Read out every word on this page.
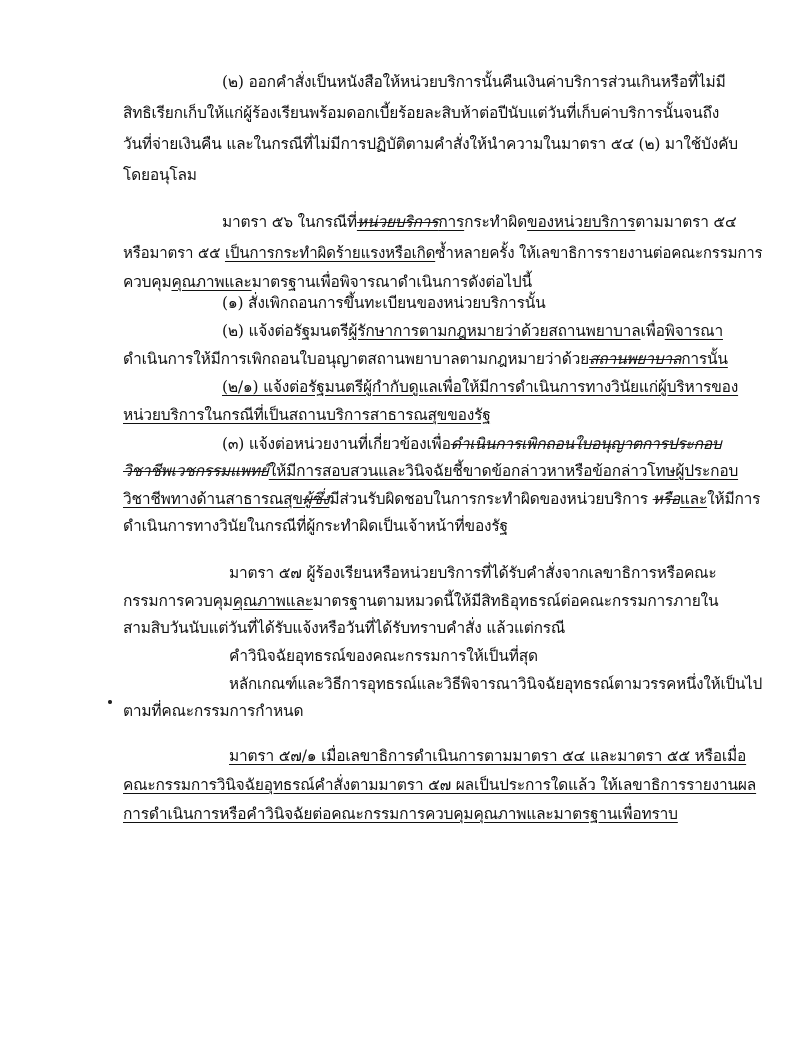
(๒) ออกคำสั่งเป็นหนังสือให้หน่วยบริการนั้นคืนเงินค่าบริการส่วนเกินหรือที่ไม่มี
สิทธิเรียกเก็บให้แก่ผู้ร้องเรียนพร้อมดอกเบี้ยร้อยละสิบห้าต่อปีนับแต่วันที่เก็บค่าบริการนั้นจนถึง
วันที่จ่ายเงินคืน และในกรณีที่ไม่มีการปฏิบัติตามคำสั่งให้นำความในมาตรา ๕๔ (๒) มาใช้บังคับ
โดยอนุโลม
มาตรา ๕๖ ในกรณีที่หน่วยบริการการกระทำผิดของหน่วยบริการตามมาตรา ๕๔
หรือมาตรา ๕๕ เป็นการกระทำผิดร้ายแรงหรือเกิดซ้ำหลายครั้ง ให้เลขาธิการรายงานต่อคณะกรรมการ
ควบคุมคุณภาพและมาตรฐานเพื่อพิจารณาดำเนินการดังต่อไปนี้
(๑) สั่งเพิกถอนการขึ้นทะเบียนของหน่วยบริการนั้น
(๒) แจ้งต่อรัฐมนตรีผู้รักษาการตามกฎหมายว่าด้วยสถานพยาบาลเพื่อพิจารณา
ดำเนินการให้มีการเพิกถอนใบอนุญาตสถานพยาบาลตามกฎหมายว่าด้วยสถานพยาบาลการนั้น
(๒/๑) แจ้งต่อรัฐมนตรีผู้กำกับดูแลเพื่อให้มีการดำเนินการทางวินัยแก่ผู้บริหารของ
หน่วยบริการในกรณีที่เป็นสถานบริการสาธารณสุขของรัฐ
(๓) แจ้งต่อหน่วยงานที่เกี่ยวข้องเพื่อดำเนินการเพิกถอนใบอนุญาตการประกอบ
วิชาชีพเวชกรรมแพทย์ให้มีการสอบสวนและวินิจฉัยชี้ขาดข้อกล่าวหาหรือข้อกล่าวโทษผู้ประกอบ
วิชาชีพทางด้านสาธารณสุขผู้ซึ่งมีส่วนรับผิดชอบในการกระทำผิดของหน่วยบริการ หรือและให้มีการ
ดำเนินการทางวินัยในกรณีที่ผู้กระทำผิดเป็นเจ้าหน้าที่ของรัฐ
มาตรา ๕๗ ผู้ร้องเรียนหรือหน่วยบริการที่ได้รับคำสั่งจากเลขาธิการหรือคณะ
กรรมการควบคุมคุณภาพและมาตรฐานตามหมวดนี้ให้มีสิทธิอุทธรณ์ต่อคณะกรรมการภายใน
สามสิบวันนับแต่วันที่ได้รับแจ้งหรือวันที่ได้รับทราบคำสั่ง แล้วแต่กรณี
คำวินิจฉัยอุทธรณ์ของคณะกรรมการให้เป็นที่สุด
หลักเกณฑ์และวิธีการอุทธรณ์และวิธีพิจารณาวินิจฉัยอุทธรณ์ตามวรรคหนึ่งให้เป็นไป
ตามที่คณะกรรมการกำหนด
มาตรา ๕๗/๑ เมื่อเลขาธิการดำเนินการตามมาตรา ๕๔ และมาตรา ๕๕ หรือเมื่อ
คณะกรรมการวินิจฉัยอุทธรณ์คำสั่งตามมาตรา ๕๗ ผลเป็นประการใดแล้ว ให้เลขาธิการรายงานผล
การดำเนินการหรือคำวินิจฉัยต่อคณะกรรมการควบคุมคุณภาพและมาตรฐานเพื่อทราบ
